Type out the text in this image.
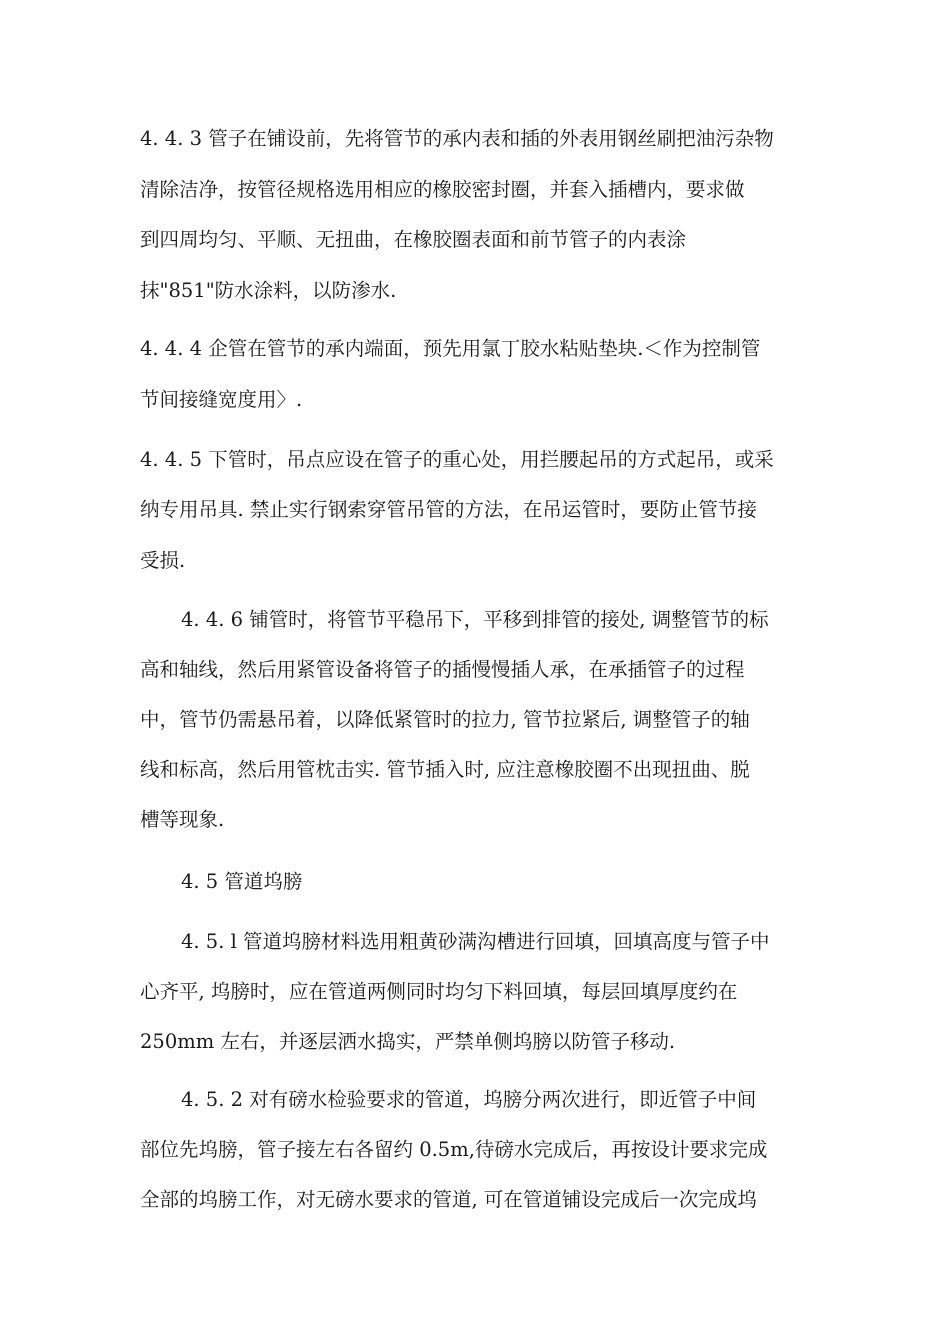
4. 4. 3 管子在铺设前，先将管节的承内表和插的外表用钢丝刷把油污杂物
清除洁净，按管径规格选用相应的橡胶密封圈，并套入插槽内，要求做
到四周均匀、平顺、无扭曲，在橡胶圈表面和前节管子的内表涂
抹"851"防水涂料，以防渗水.
4. 4. 4 企管在管节的承内端面，预先用氯丁胶水粘贴垫块.＜作为控制管
节间接缝宽度用〉.
4. 4. 5 下管时，吊点应设在管子的重心处，用拦腰起吊的方式起吊，或采
纳专用吊具. 禁止实行钢索穿管吊管的方法，在吊运管时，要防止管节接
受损.
4. 4. 6 铺管时，将管节平稳吊下，平移到排管的接处, 调整管节的标
高和轴线，然后用紧管设备将管子的插慢慢插人承，在承插管子的过程
中，管节仍需悬吊着，以降低紧管时的拉力, 管节拉紧后, 调整管子的轴
线和标高，然后用管枕击实. 管节插入时, 应注意橡胶圈不出现扭曲、脱
槽等现象.
4. 5 管道坞膀
4. 5. l 管道坞膀材料选用粗黄砂满沟槽进行回填，回填高度与管子中
心齐平, 坞膀时，应在管道两侧同时均匀下料回填，每层回填厚度约在
250mm 左右，并逐层洒水捣实，严禁单侧坞膀以防管子移动.
4. 5. 2 对有磅水检验要求的管道，坞膀分两次进行，即近管子中间
部位先坞膀，管子接左右各留约 0.5m,待磅水完成后，再按设计要求完成
全部的坞膀工作，对无磅水要求的管道, 可在管道铺设完成后一次完成坞
